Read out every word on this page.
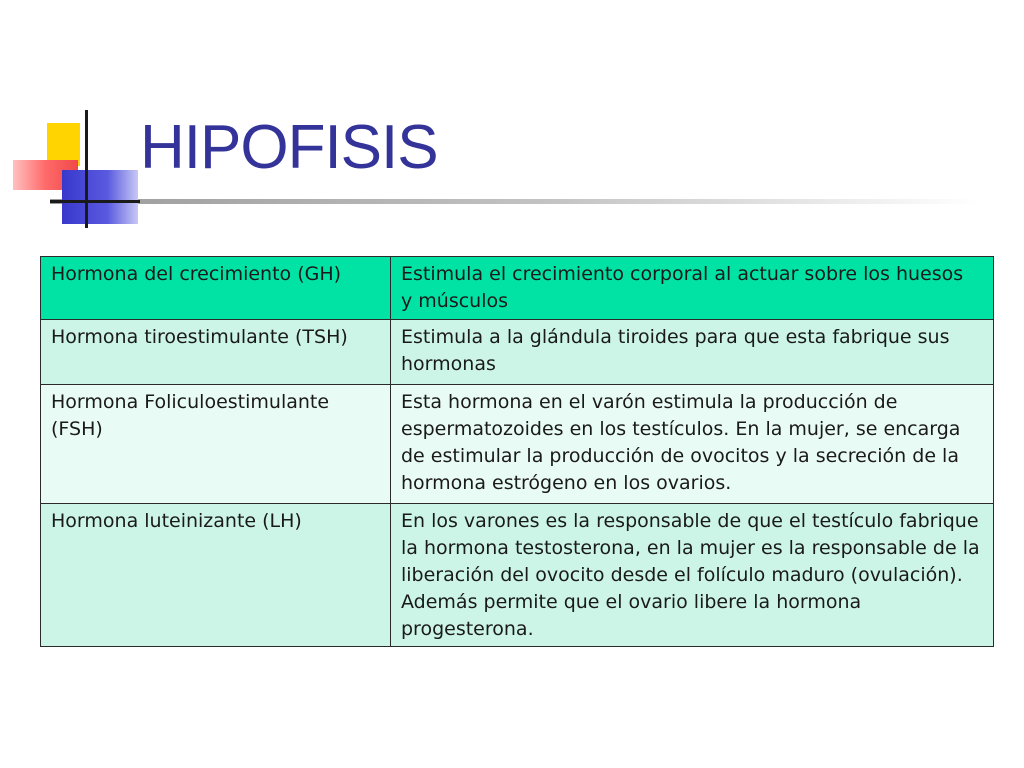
HIPOFISIS
Hormona del crecimiento (GH)	Estimula el crecimiento corporal al actuar sobre los huesos
y músculos
Hormona tiroestimulante (TSH)	Estimula a la glándula tiroides para que esta fabrique sus hormonas
Hormona Foliculoestimulante (FSH)	Esta hormona en el varón estimula la producción de espermatozoides en los testículos. En la mujer, se encarga de estimular la producción de ovocitos y la secreción de la hormona estrógeno en los ovarios.
Hormona luteinizante (LH)	En los varones es la responsable de que el testículo fabrique la hormona testosterona, en la mujer es la responsable de la liberación del ovocito desde el folículo maduro (ovulación). Además permite que el ovario libere la hormona progesterona.
